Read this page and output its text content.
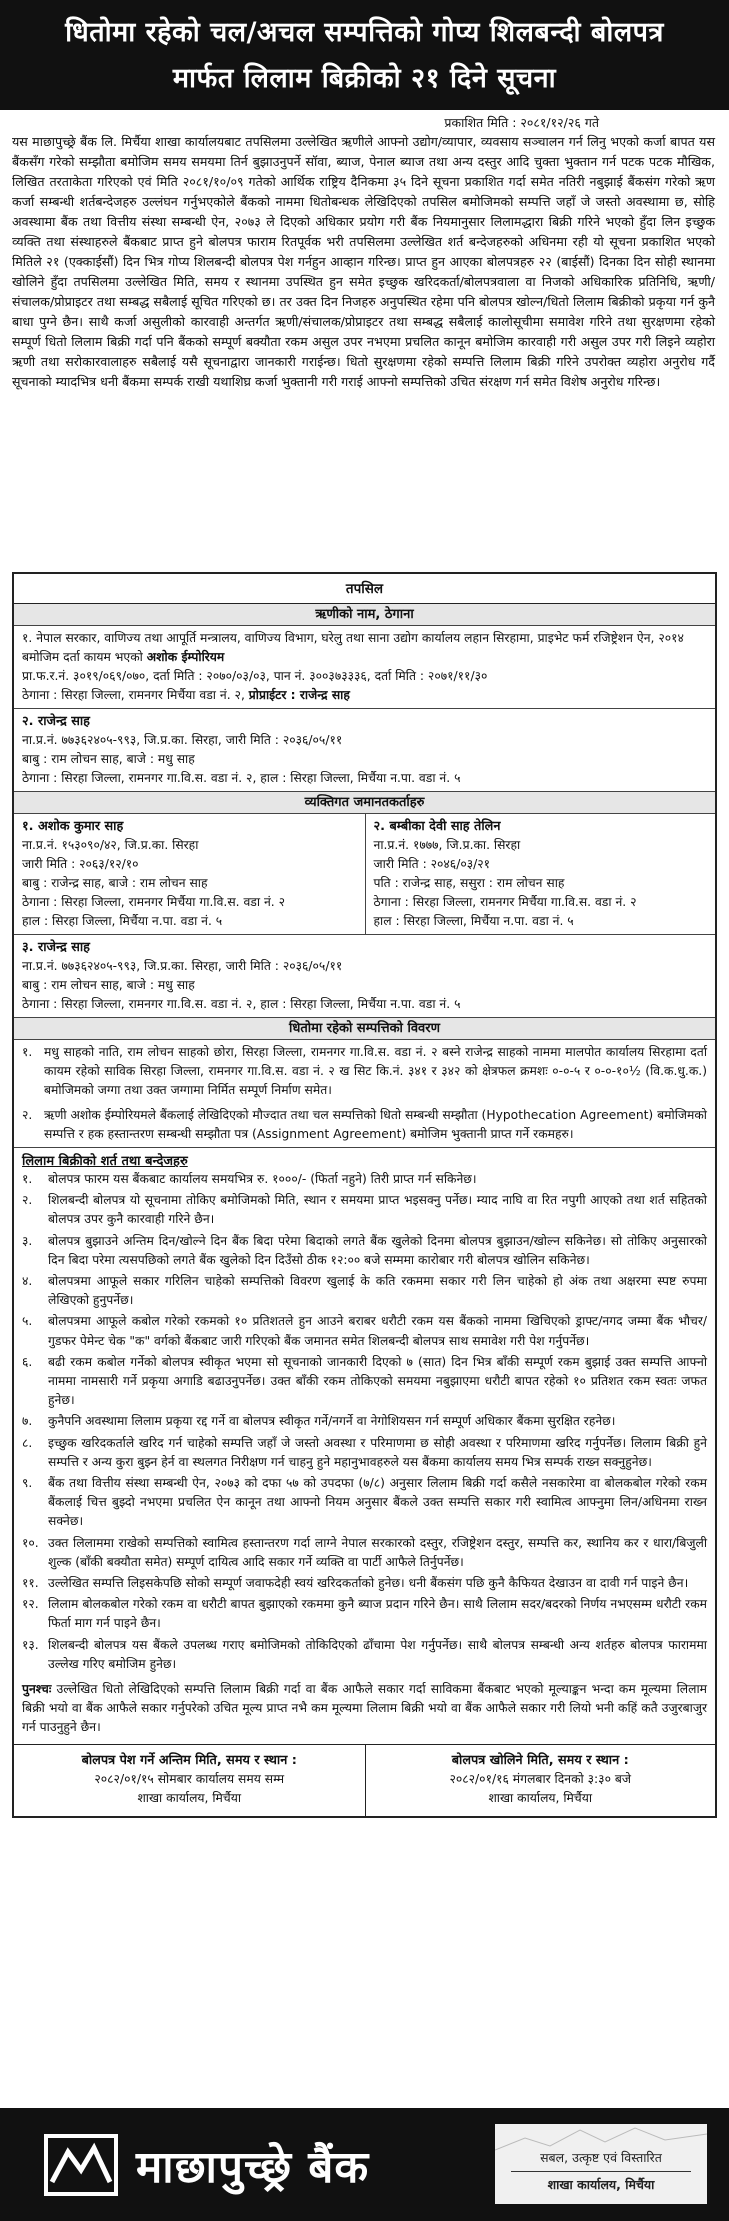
धितोमा रहेको चल/अचल सम्पत्तिको गोप्य शिलबन्दी बोलपत्र
मार्फत लिलाम बिक्रीको २१ दिने सूचना
प्रकाशित मिति : २०८१/१२/२६ गते

यस माछापुच्छ्रे बैंक लि. मिर्चैया शाखा कार्यालयबाट तपसिलमा उल्लेखित ऋणीले आफ्नो उद्योग/व्यापार, व्यवसाय सञ्चालन गर्न लिनु भएको कर्जा बापत यस बैंकसँग गरेको सम्झौता बमोजिम समय समयमा तिर्न बुझाउनुपर्ने सॉवा, ब्याज, पेनाल ब्याज तथा अन्य दस्तुर आदि चुक्ता भुक्तान गर्न पटक पटक मौखिक, लिखित तरताकेता गरिएको एवं मिति २०८१/१०/०९ गतेको आर्थिक राष्ट्रिय दैनिकमा ३५ दिने सूचना प्रकाशित गर्दा समेत नतिरी नबुझाई बैंकसंग गरेको ऋण कर्जा सम्बन्धी शर्तबन्देजहरु उल्लंघन गर्नुभएकोले बैंकको नाममा धितोबन्धक लेखिदिएको तपसिल बमोजिमको सम्पत्ति जहाँ जे जस्तो अवस्थामा छ, सोहि अवस्थामा बैंक तथा वित्तीय संस्था सम्बन्धी ऐन, २०७३ ले दिएको अधिकार प्रयोग गरी बैंक नियमानुसार लिलामद्धारा बिक्री गरिने भएको हुँदा लिन इच्छुक व्यक्ति तथा संस्थाहरुले बैंकबाट प्राप्त हुने बोलपत्र फाराम रितपूर्वक भरी तपसिलमा उल्लेखित शर्त बन्देजहरुको अधिनमा रही यो सूचना प्रकाशित भएको मितिले २१ (एक्काईसौं) दिन भित्र गोप्य शिलबन्दी बोलपत्र पेश गर्नहुन आव्हान गरिन्छ। प्राप्त हुन आएका बोलपत्रहरु २२ (बाईसौं) दिनका दिन सोही स्थानमा खोलिने हुँदा तपसिलमा उल्लेखित मिति, समय र स्थानमा उपस्थित हुन समेत इच्छुक खरिदकर्ता/बोलपत्रवाला वा निजको अधिकारिक प्रतिनिधि, ऋणी/संचालक/प्रोप्राइटर तथा सम्बद्ध सबैलाई सूचित गरिएको छ। तर उक्त दिन निजहरु अनुपस्थित रहेमा पनि बोलपत्र खोल्न/धितो लिलाम बिक्रीको प्रकृया गर्न कुनै बाधा पुग्ने छैन। साथै कर्जा असुलीको कारवाही अन्तर्गत ऋणी/संचालक/प्रोप्राइटर तथा सम्बद्ध सबैलाई कालोसूचीमा समावेश गरिने तथा सुरक्षणमा रहेको सम्पूर्ण धितो लिलाम बिक्री गर्दा पनि बैंकको सम्पूर्ण बक्यौता रकम असुल उपर नभएमा प्रचलित कानून बमोजिम कारवाही गरी असुल उपर गरी लिइने व्यहोरा ऋणी तथा सरोकारवालाहरु सबैलाई यसै सूचनाद्वारा जानकारी गराईन्छ। धितो सुरक्षणमा रहेको सम्पत्ति लिलाम बिक्री गरिने उपरोक्त व्यहोरा अनुरोध गर्दै सूचनाको म्यादभित्र धनी बैंकमा सम्पर्क राखी यथाशिघ्र कर्जा भुक्तानी गरी गराई आफ्नो सम्पत्तिको उचित संरक्षण गर्न समेत विशेष अनुरोध गरिन्छ।

तपसिल
ऋणीको नाम, ठेगाना
१. नेपाल सरकार, वाणिज्य तथा आपूर्ति मन्त्रालय, वाणिज्य विभाग, घरेलु तथा साना उद्योग कार्यालय लहान सिरहामा, प्राइभेट फर्म रजिष्ट्रेशन ऐन, २०१४ बमोजिम दर्ता कायम भएको अशोक ईम्पोरियम
प्रा.फ.र.नं. ३०१९/०६९/०७०, दर्ता मिति : २०७०/०३/०३, पान नं. ३००३७३३३६, दर्ता मिति : २०७१/११/३०
ठेगाना : सिरहा जिल्ला, रामनगर मिर्चैया वडा नं. २, प्रोप्राईटर : राजेन्द्र साह
२. राजेन्द्र साह
ना.प्र.नं. ७७३६२४०५-९९३, जि.प्र.का. सिरहा, जारी मिति : २०३६/०५/११
बाबु : राम लोचन साह, बाजे : मधु साह
ठेगाना : सिरहा जिल्ला, रामनगर गा.वि.स. वडा नं. २, हाल : सिरहा जिल्ला, मिर्चैया न.पा. वडा नं. ५
व्यक्तिगत जमानतकर्ताहरु
१. अशोक कुमार साह
ना.प्र.नं. १५३०९०/४२, जि.प्र.का. सिरहा
जारी मिति : २०६३/१२/१०
बाबु : राजेन्द्र साह, बाजे : राम लोचन साह
ठेगाना : सिरहा जिल्ला, रामनगर मिर्चैया गा.वि.स. वडा नं. २
हाल : सिरहा जिल्ला, मिर्चैया न.पा. वडा नं. ५
२. बम्बीका देवी साह तेलिन
ना.प्र.नं. १७७७, जि.प्र.का. सिरहा
जारी मिति : २०४६/०३/२१
पति : राजेन्द्र साह, ससुरा : राम लोचन साह
ठेगाना : सिरहा जिल्ला, रामनगर मिर्चैया गा.वि.स. वडा नं. २
हाल : सिरहा जिल्ला, मिर्चैया न.पा. वडा नं. ५
३. राजेन्द्र साह
ना.प्र.नं. ७७३६२४०५-९९३, जि.प्र.का. सिरहा, जारी मिति : २०३६/०५/११
बाबु : राम लोचन साह, बाजे : मधु साह
ठेगाना : सिरहा जिल्ला, रामनगर गा.वि.स. वडा नं. २, हाल : सिरहा जिल्ला, मिर्चैया न.पा. वडा नं. ५
धितोमा रहेको सम्पत्तिको विवरण
१. मधु साहको नाति, राम लोचन साहको छोरा, सिरहा जिल्ला, रामनगर गा.वि.स. वडा नं. २ बस्ने राजेन्द्र साहको नाममा मालपोत कार्यालय सिरहामा दर्ता कायम रहेको साविक सिरहा जिल्ला, रामनगर गा.वि.स. वडा नं. २ ख सिट कि.नं. ३४१ र ३४२ को क्षेत्रफल क्रमशः ०-०-५ र ०-०-१०½ (वि.क.धु.क.) बमोजिमको जग्गा तथा उक्त जग्गामा निर्मित सम्पूर्ण निर्माण समेत।
२. ऋणी अशोक ईम्पोरियमले बैंकलाई लेखिदिएको मौज्दात तथा चल सम्पत्तिको धितो सम्बन्धी सम्झौता (Hypothecation Agreement) बमोजिमको सम्पत्ति र हक हस्तान्तरण सम्बन्धी सम्झौता पत्र (Assignment Agreement) बमोजिम भुक्तानी प्राप्त गर्ने रकमहरु।
लिलाम बिक्रीको शर्त तथा बन्देजहरु
१.	बोलपत्र फारम यस बैंकबाट कार्यालय समयभित्र रु. १०००/- (फिर्ता नहुने) तिरी प्राप्त गर्न सकिनेछ।
२.	शिलबन्दी बोलपत्र यो सूचनामा तोकिए बमोजिमको मिति, स्थान र समयमा प्राप्त भइसक्नु पर्नेछ। म्याद नाघि वा रित नपुगी आएको तथा शर्त सहितको बोलपत्र उपर कुनै कारवाही गरिने छैन।
३.	बोलपत्र बुझाउने अन्तिम दिन/खोल्ने दिन बैंक बिदा परेमा बिदाको लगते बैंक खुलेको दिनमा बोलपत्र बुझाउन/खोल्न सकिनेछ। सो तोकिए अनुसारको दिन बिदा परेमा त्यसपछिको लगते बैंक खुलेको दिन दिउँसो ठीक १२:०० बजे सम्ममा कारोबार गरी बोलपत्र खोलिन सकिनेछ।
४.	बोलपत्रमा आफूले सकार गरिलिन चाहेको सम्पत्तिको विवरण खुलाई के कति रकममा सकार गरी लिन चाहेको हो अंक तथा अक्षरमा स्पष्ट रुपमा लेखिएको हुनुपर्नेछ।
५.	बोलपत्रमा आफूले कबोल गरेको रकमको १० प्रतिशतले हुन आउने बराबर धरौटी रकम यस बैंकको नाममा खिचिएको ड्राफ्ट/नगद जम्मा बैंक भौचर/गुडफर पेमेन्ट चेक "क" वर्गको बैंकबाट जारी गरिएको बैंक जमानत समेत शिलबन्दी बोलपत्र साथ समावेश गरी पेश गर्नुपर्नेछ।
६.	बढी रकम कबोल गर्नेको बोलपत्र स्वीकृत भएमा सो सूचनाको जानकारी दिएको ७ (सात) दिन भित्र बाँकी सम्पूर्ण रकम बुझाई उक्त सम्पत्ति आफ्नो नाममा नामसारी गर्ने प्रकृया अगाडि बढाउनुपर्नेछ। उक्त बाँकी रकम तोकिएको समयमा नबुझाएमा धरौटी बापत रहेको १० प्रतिशत रकम स्वतः जफत हुनेछ।
७.	कुनैपनि अवस्थामा लिलाम प्रकृया रद्द गर्ने वा बोलपत्र स्वीकृत गर्ने/नगर्ने वा नेगोशियसन गर्न सम्पूर्ण अधिकार बैंकमा सुरक्षित रहनेछ।
८.	इच्छुक खरिदकर्ताले खरिद गर्न चाहेको सम्पत्ति जहाँ जे जस्तो अवस्था र परिमाणमा छ सोही अवस्था र परिमाणमा खरिद गर्नुपर्नेछ। लिलाम बिक्री हुने सम्पत्ति र अन्य कुरा बुझ्न हेर्न वा स्थलगत निरीक्षण गर्न चाहनु हुने महानुभावहरुले यस बैंकमा कार्यालय समय भित्र सम्पर्क राख्न सक्नुहुनेछ।
९.	बैंक तथा वित्तीय संस्था सम्बन्धी ऐन, २०७३ को दफा ५७ को उपदफा (७/८) अनुसार लिलाम बिक्री गर्दा कसैले नसकारेमा वा बोलकबोल गरेको रकम बैंकलाई चित्त बुझ्दो नभएमा प्रचलित ऐन कानून तथा आफ्नो नियम अनुसार बैंकले उक्त सम्पत्ति सकार गरी स्वामित्व आफ्नुमा लिन/अधिनमा राख्न सक्नेछ।
१०. उक्त लिलाममा राखेको सम्पत्तिको स्वामित्व हस्तान्तरण गर्दा लाग्ने नेपाल सरकारको दस्तुर, रजिष्ट्रेशन दस्तुर, सम्पत्ति कर, स्थानिय कर र धारा/बिजुली शुल्क (बाँकी बक्यौता समेत) सम्पूर्ण दायित्व आदि सकार गर्ने व्यक्ति वा पार्टी आफैले तिर्नुपर्नेछ।
११. उल्लेखित सम्पत्ति लिइसकेपछि सोको सम्पूर्ण जवाफदेही स्वयं खरिदकर्ताको हुनेछ। धनी बैंकसंग पछि कुनै कैफियत देखाउन वा दावी गर्न पाइने छैन।
१२. लिलाम बोलकबोल गरेको रकम वा धरौटी बापत बुझाएको रकममा कुनै ब्याज प्रदान गरिने छैन। साथै लिलाम सदर/बदरको निर्णय नभएसम्म धरौटी रकम फिर्ता माग गर्न पाइने छैन।
१३. शिलबन्दी बोलपत्र यस बैंकले उपलब्ध गराए बमोजिमको तोकिदिएको ढाँचामा पेश गर्नुपर्नेछ। साथै बोलपत्र सम्बन्धी अन्य शर्तहरु बोलपत्र फाराममा उल्लेख गरिए बमोजिम हुनेछ।
पुनश्चः उल्लेखित धितो लेखिदिएको सम्पत्ति लिलाम बिक्री गर्दा वा बैंक आफैले सकार गर्दा साविकमा बैंकबाट भएको मूल्याङ्कन भन्दा कम मूल्यमा लिलाम बिक्री भयो वा बैंक आफैले सकार गर्नुपरेको उचित मूल्य प्राप्त नभै कम मूल्यमा लिलाम बिक्री भयो वा बैंक आफैले सकार गरी लियो भनी कहिं कतै उजुरबाजुर गर्न पाउनुहुने छैन।
बोलपत्र पेश गर्ने अन्तिम मिति, समय र स्थान :
२०८२/०१/१५ सोमबार कार्यालय समय सम्म
शाखा कार्यालय, मिर्चैया
बोलपत्र खोलिने मिति, समय र स्थान :
२०८२/०१/१६ मंगलबार दिनको ३:३० बजे
शाखा कार्यालय, मिर्चैया
माछापुच्छ्रे बैंक	सबल, उत्कृष्ट एवं विस्तारित
शाखा कार्यालय, मिर्चैया
